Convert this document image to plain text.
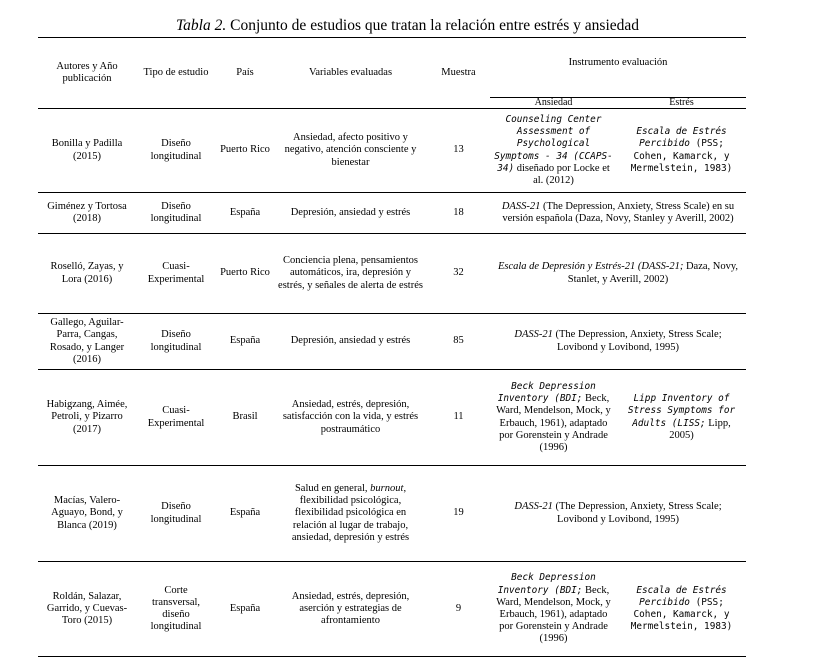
Tabla 2. Conjunto de estudios que tratan la relación entre estrés y ansiedad
Autores y Año publicación	Tipo de estudio	País	Variables evaluadas	Muestra	Instrumento evaluación	
					Ansiedad	Estrés
Bonilla y Padilla (2015)	Diseño longitudinal	Puerto Rico	Ansiedad, afecto positivo y negativo, atención consciente y bienestar	13	Counseling Center Assessment of Psychological Symptoms - 34 (CCAPS-34) diseñado por Locke et al. (2012)	Escala de Estrés Percibido (PSS; Cohen, Kamarck, y Mermelstein, 1983)
Giménez y Tortosa (2018)	Diseño longitudinal	España	Depresión, ansiedad y estrés	18	DASS-21 (The Depression, Anxiety, Stress Scale) en su versión española (Daza, Novy, Stanley y Averill, 2002)	
Roselló, Zayas, y Lora (2016)	Cuasi-Experimental	Puerto Rico	Conciencia plena, pensamientos automáticos, ira, depresión y estrés, y señales de alerta de estrés	32	Escala de Depresión y Estrés-21 (DASS-21; Daza, Novy, Stanlet, y Averill, 2002)	
Gallego, Aguilar-Parra, Cangas, Rosado, y Langer (2016)	Diseño longitudinal	España	Depresión, ansiedad y estrés	85	DASS-21 (The Depression, Anxiety, Stress Scale; Lovibond y Lovibond, 1995)	
Habigzang, Aimée, Petroli, y Pizarro (2017)	Cuasi-Experimental	Brasil	Ansiedad, estrés, depresión, satisfacción con la vida, y estrés postraumático	11	Beck Depression Inventory (BDI; Beck, Ward, Mendelson, Mock, y Erbauch, 1961), adaptado por Gorenstein y Andrade (1996)	Lipp Inventory of Stress Symptoms for Adults (LISS; Lipp, 2005)
Macías, Valero-Aguayo, Bond, y Blanca (2019)	Diseño longitudinal	España	Salud en general, burnout, flexibilidad psicológica, flexibilidad psicológica en relación al lugar de trabajo, ansiedad, depresión y estrés	19	DASS-21 (The Depression, Anxiety, Stress Scale; Lovibond y Lovibond, 1995)	
Roldán, Salazar, Garrido, y Cuevas-Toro (2015)	Corte transversal, diseño longitudinal	España	Ansiedad, estrés, depresión, aserción y estrategias de afrontamiento	9	Beck Depression Inventory (BDI; Beck, Ward, Mendelson, Mock, y Erbauch, 1961), adaptado por Gorenstein y Andrade (1996)	Escala de Estrés Percibido (PSS; Cohen, Kamarck, y Mermelstein, 1983)
